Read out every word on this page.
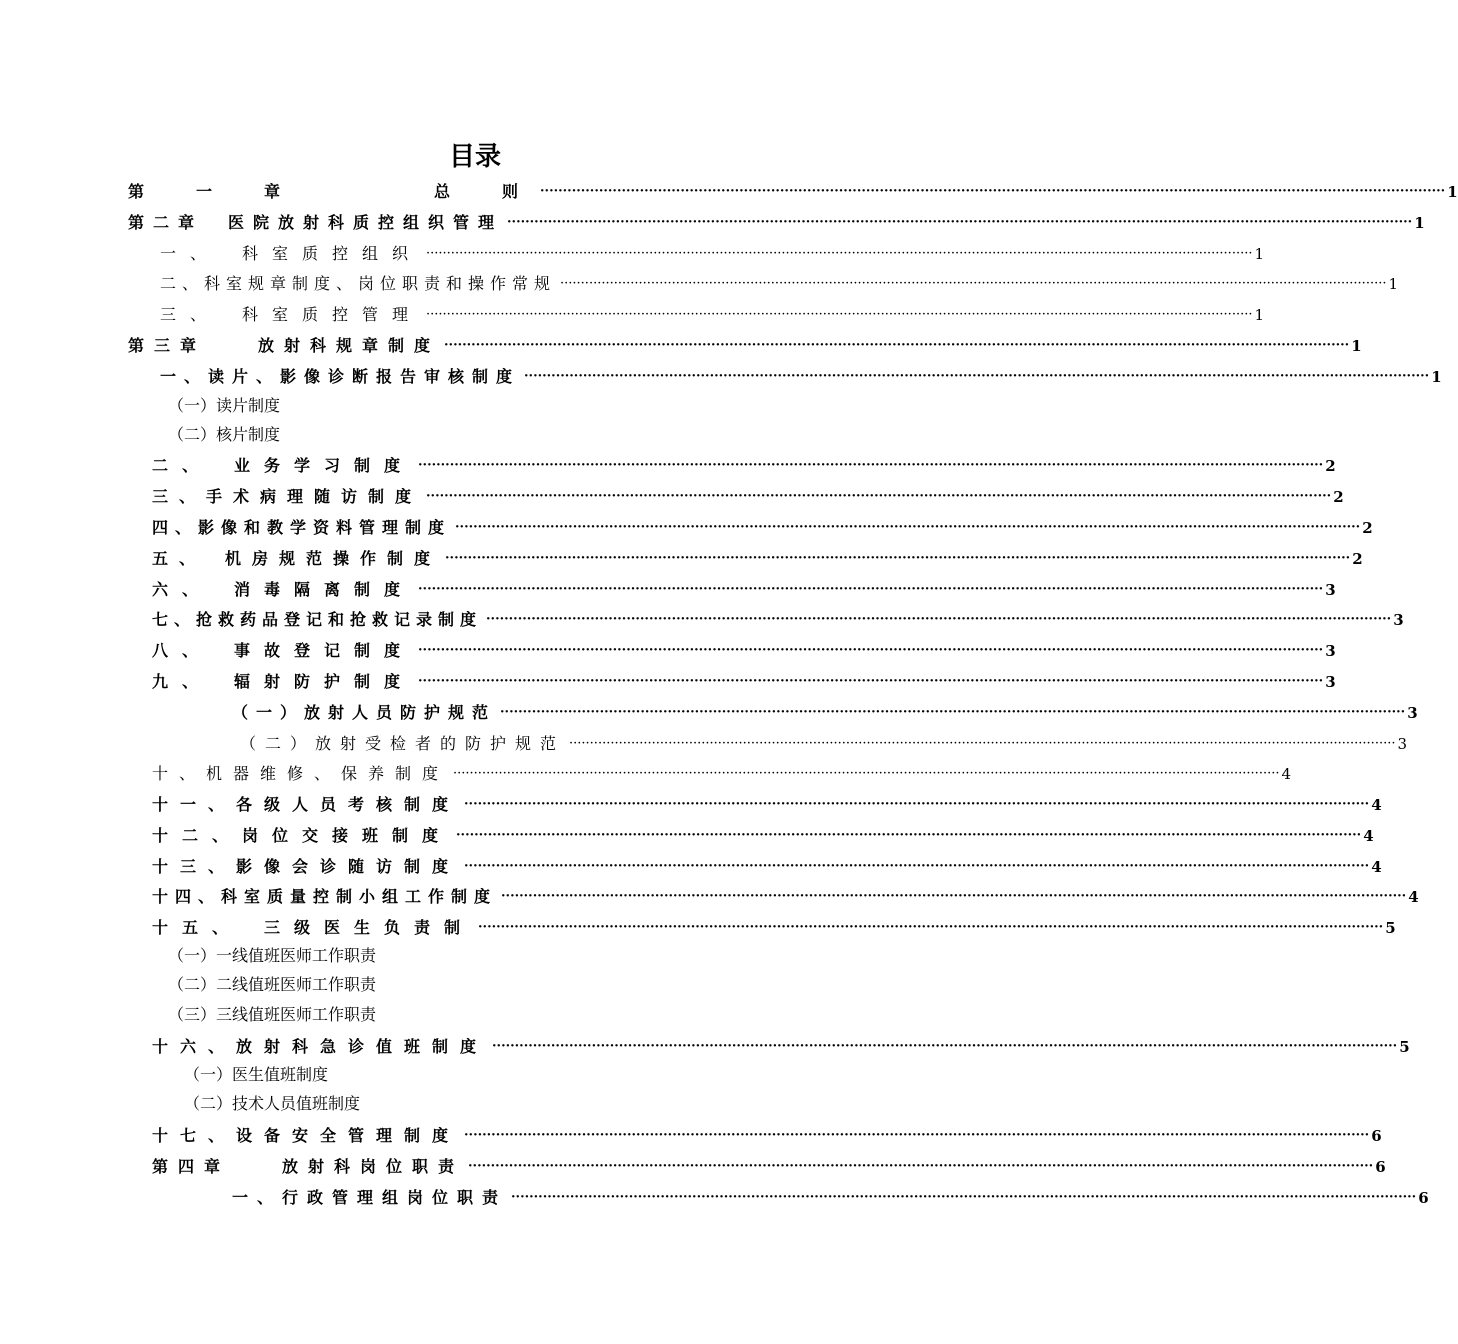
目录
第　一　章　　　　总　则 ········································································································································································································ 1
第二章　医院放射科质控组织管理 ········································································································································································································ 1
一、　科室质控组织 ········································································································································································································ 1
二、科室规章制度、岗位职责和操作常规 ········································································································································································································ 1
三、　科室质控管理 ········································································································································································································ 1
第三章　　放射科规章制度 ········································································································································································································ 1
一、读片、影像诊断报告审核制度 ········································································································································································································ 1
二、　业务学习制度 ········································································································································································································ 2
三、手术病理随访制度 ········································································································································································································ 2
四、影像和教学资料管理制度 ········································································································································································································ 2
五、　机房规范操作制度 ········································································································································································································ 2
六、　消毒隔离制度 ········································································································································································································ 3
七、抢救药品登记和抢救记录制度 ········································································································································································································ 3
八、　事故登记制度 ········································································································································································································ 3
九、　辐射防护制度 ········································································································································································································ 3
（一）放射人员防护规范 ········································································································································································································ 3
（二）放射受检者的防护规范 ········································································································································································································ 3
十、机器维修、保养制度 ········································································································································································································ 4
十一、各级人员考核制度 ········································································································································································································ 4
十二、岗位交接班制度 ········································································································································································································ 4
十三、影像会诊随访制度 ········································································································································································································ 4
十四、科室质量控制小组工作制度 ········································································································································································································ 4
十五、　三级医生负责制 ········································································································································································································ 5
十六、放射科急诊值班制度 ········································································································································································································ 5
十七、设备安全管理制度 ········································································································································································································ 6
第四章　　放射科岗位职责 ········································································································································································································ 6
一、行政管理组岗位职责 ········································································································································································································ 6
（一）读片制度
（二）核片制度
（一）一线值班医师工作职责
（二）二线值班医师工作职责
（三）三线值班医师工作职责
（一）医生值班制度
（二）技术人员值班制度
